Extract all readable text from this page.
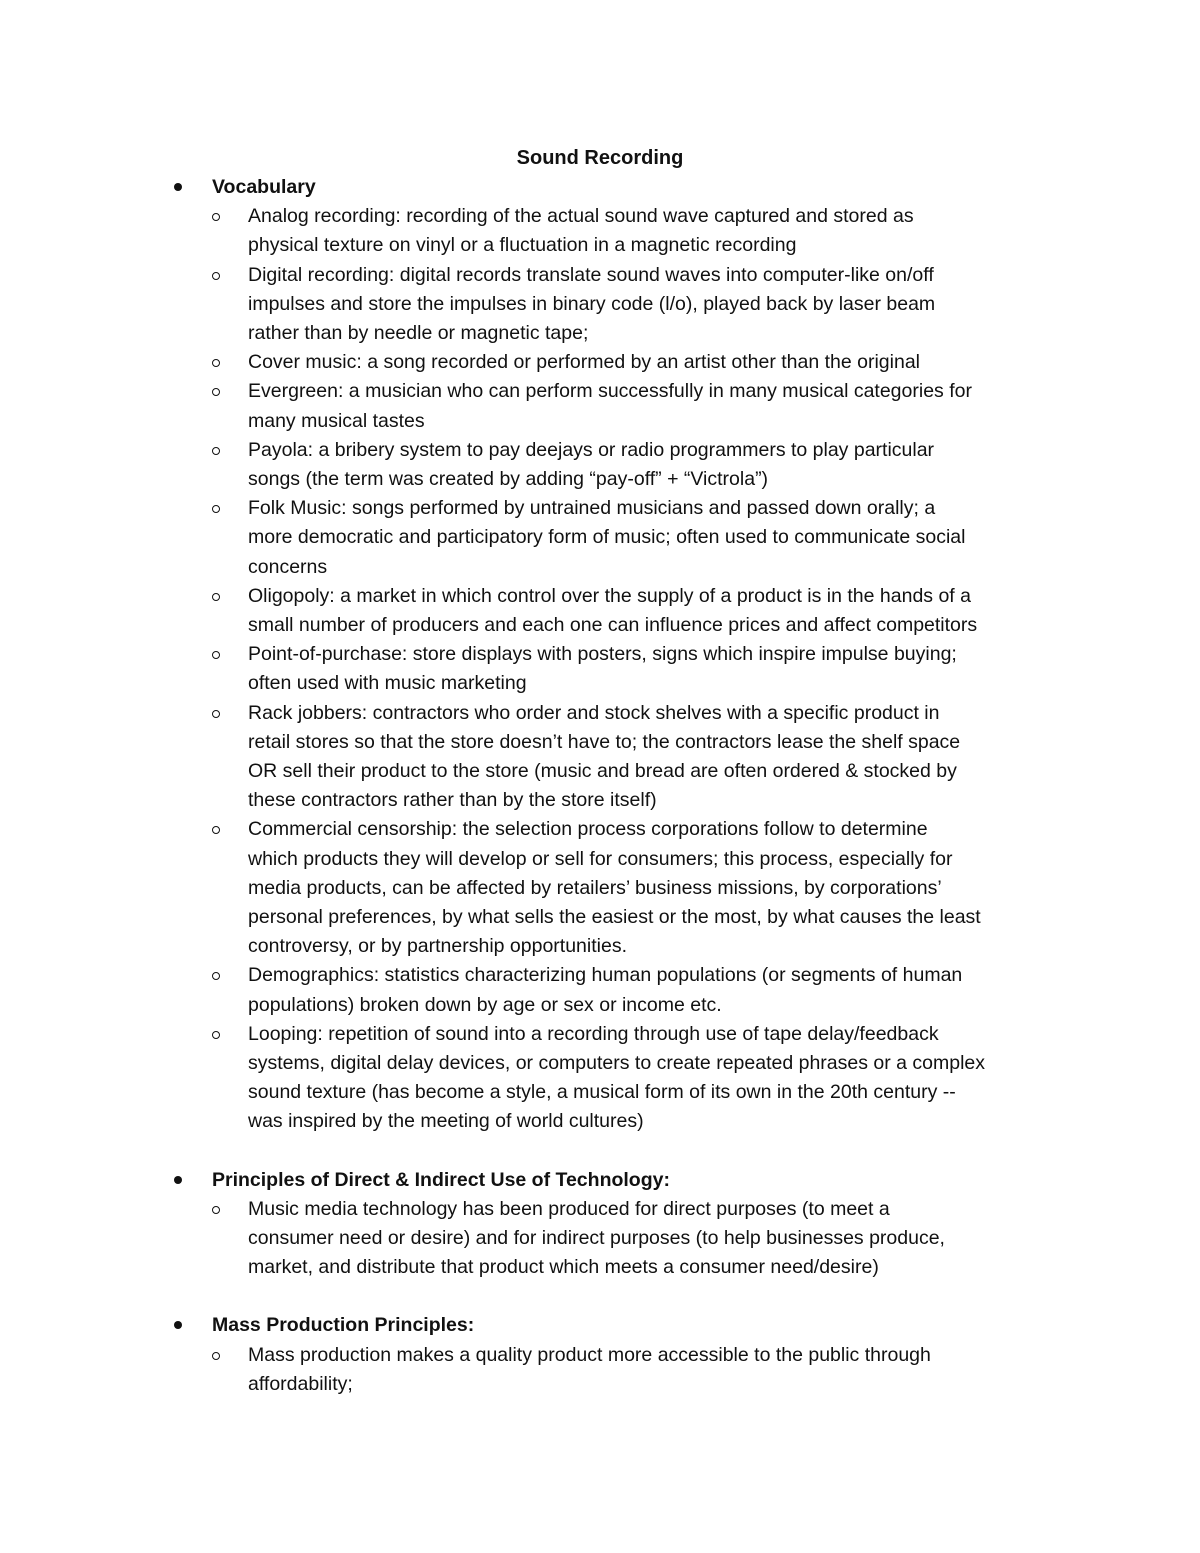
Sound Recording
Vocabulary
Analog recording: recording of the actual sound wave captured and stored as
physical texture on vinyl or a fluctuation in a magnetic recording
Digital recording: digital records translate sound waves into computer-like on/off
impulses and store the impulses in binary code (l/o), played back by laser beam
rather than by needle or magnetic tape;
Cover music: a song recorded or performed by an artist other than the original
Evergreen: a musician who can perform successfully in many musical categories for
many musical tastes
Payola: a bribery system to pay deejays or radio programmers to play particular
songs (the term was created by adding “pay-off” + “Victrola”)
Folk Music: songs performed by untrained musicians and passed down orally; a
more democratic and participatory form of music; often used to communicate social
concerns
Oligopoly: a market in which control over the supply of a product is in the hands of a
small number of producers and each one can influence prices and affect competitors
Point-of-purchase: store displays with posters, signs which inspire impulse buying;
often used with music marketing
Rack jobbers: contractors who order and stock shelves with a specific product in
retail stores so that the store doesn’t have to; the contractors lease the shelf space
OR sell their product to the store (music and bread are often ordered & stocked by
these contractors rather than by the store itself)
Commercial censorship: the selection process corporations follow to determine
which products they will develop or sell for consumers; this process, especially for
media products, can be affected by retailers’ business missions, by corporations’
personal preferences, by what sells the easiest or the most, by what causes the least
controversy, or by partnership opportunities.
Demographics: statistics characterizing human populations (or segments of human
populations) broken down by age or sex or income etc.
Looping: repetition of sound into a recording through use of tape delay/feedback
systems, digital delay devices, or computers to create repeated phrases or a complex
sound texture (has become a style, a musical form of its own in the 20th century --
was inspired by the meeting of world cultures)
Principles of Direct & Indirect Use of Technology:
Music media technology has been produced for direct purposes (to meet a
consumer need or desire) and for indirect purposes (to help businesses produce,
market, and distribute that product which meets a consumer need/desire)
Mass Production Principles:
Mass production makes a quality product more accessible to the public through
affordability;
